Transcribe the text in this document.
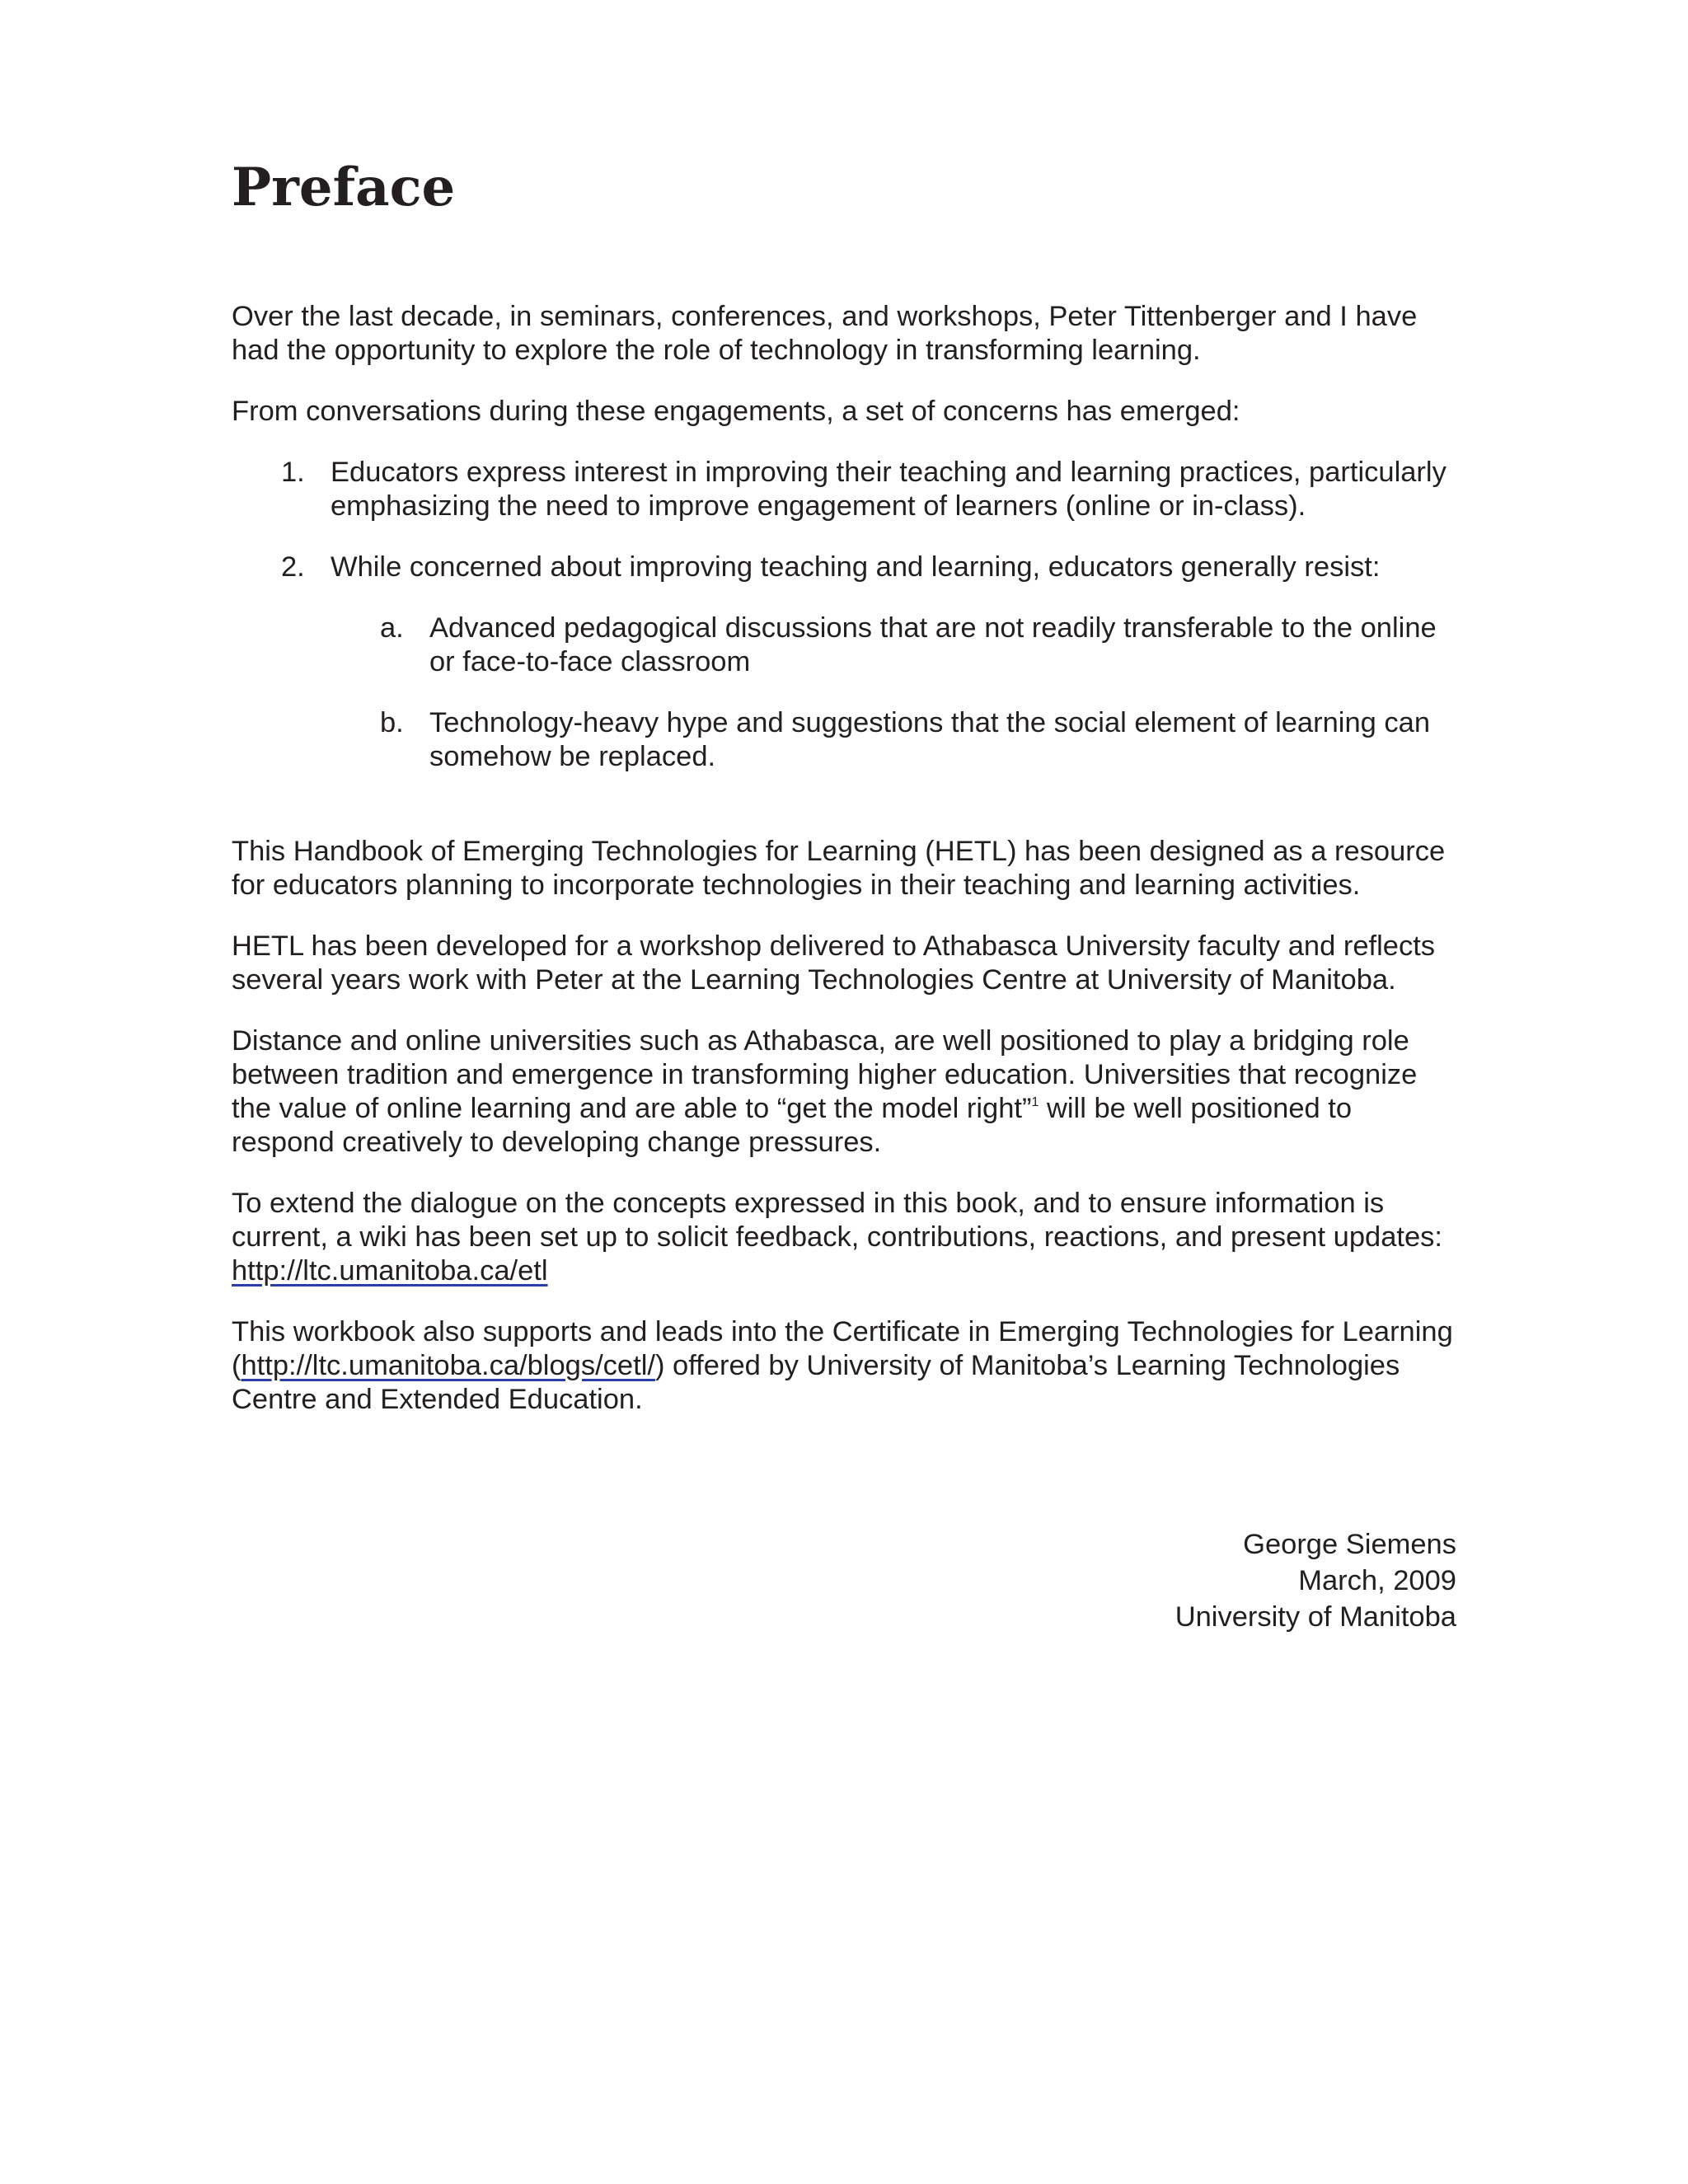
Preface

Over the last decade, in seminars, conferences, and workshops, Peter Tittenberger and I have had the opportunity to explore the role of technology in transforming learning.

From conversations during these engagements, a set of concerns has emerged:

1. Educators express interest in improving their teaching and learning practices, particularly emphasizing the need to improve engagement of learners (online or in-class).
2. While concerned about improving teaching and learning, educators generally resist:
a. Advanced pedagogical discussions that are not readily transferable to the online or face-to-face classroom
b. Technology-heavy hype and suggestions that the social element of learning can somehow be replaced.

This Handbook of Emerging Technologies for Learning (HETL) has been designed as a resource for educators planning to incorporate technologies in their teaching and learning activities.

HETL has been developed for a workshop delivered to Athabasca University faculty and reflects several years work with Peter at the Learning Technologies Centre at University of Manitoba.

Distance and online universities such as Athabasca, are well positioned to play a bridging role between tradition and emergence in transforming higher education. Universities that recognize the value of online learning and are able to “get the model right”$^1$ will be well positioned to respond creatively to developing change pressures.

To extend the dialogue on the concepts expressed in this book, and to ensure information is current, a wiki has been set up to solicit feedback, contributions, reactions, and present updates: http://ltc.umanitoba.ca/etl

This workbook also supports and leads into the Certificate in Emerging Technologies for Learning (http://ltc.umanitoba.ca/blogs/cetl/) offered by University of Manitoba’s Learning Technologies Centre and Extended Education.

George Siemens
March, 2009
University of Manitoba
